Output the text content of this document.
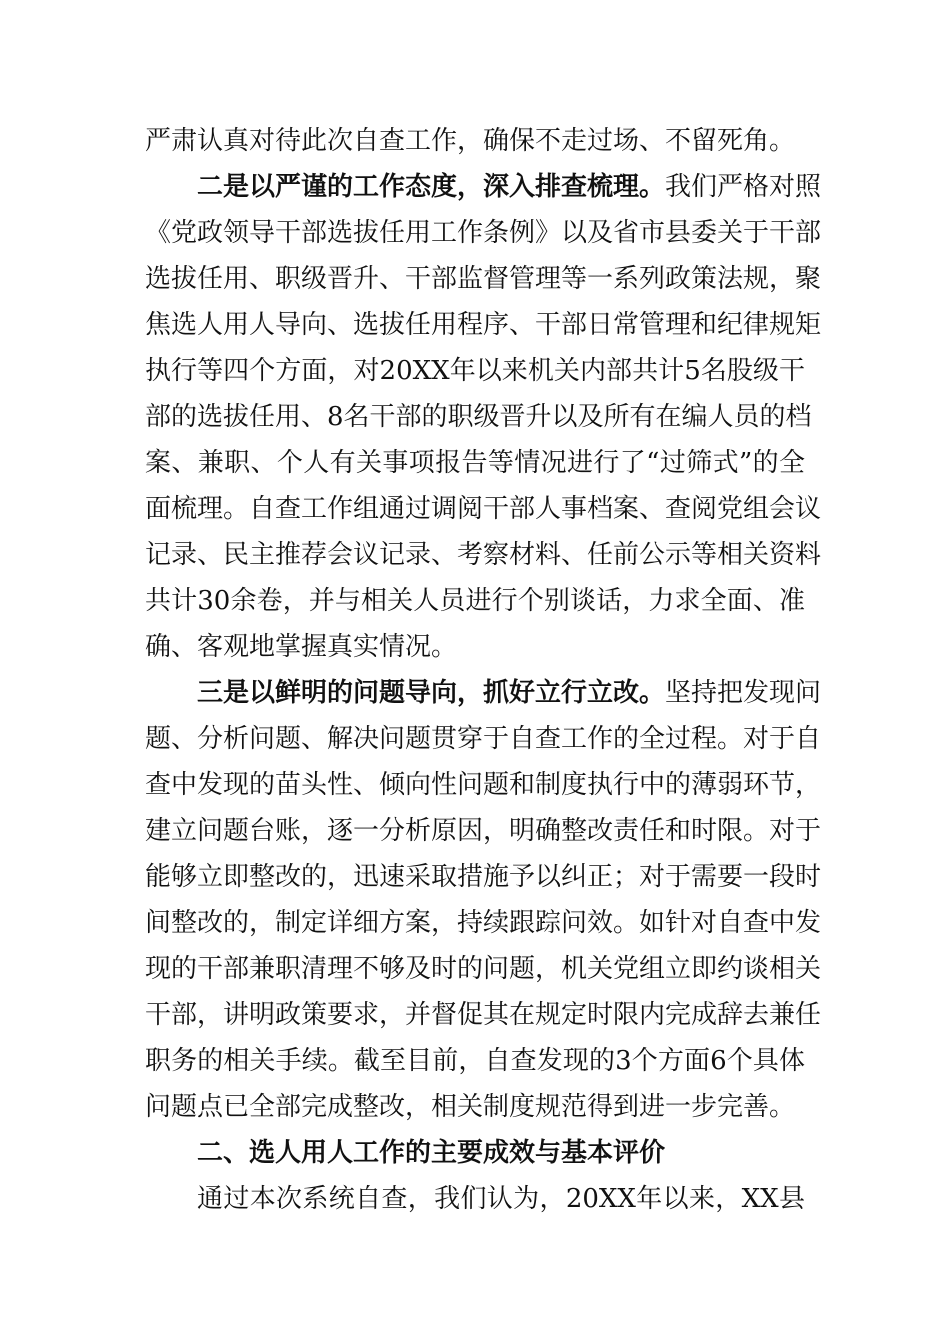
严肃认真对待此次自查工作，确保不走过场、不留死角。
二是以严谨的工作态度，深入排查梳理。我们严格对照
《党政领导干部选拔任用工作条例》以及省市县委关于干部
选拔任用、职级晋升、干部监督管理等一系列政策法规，聚
焦选人用人导向、选拔任用程序、干部日常管理和纪律规矩
执行等四个方面，对20XX年以来机关内部共计5名股级干
部的选拔任用、8名干部的职级晋升以及所有在编人员的档
案、兼职、个人有关事项报告等情况进行了“过筛式”的全
面梳理。自查工作组通过调阅干部人事档案、查阅党组会议
记录、民主推荐会议记录、考察材料、任前公示等相关资料
共计30余卷，并与相关人员进行个别谈话，力求全面、准
确、客观地掌握真实情况。
三是以鲜明的问题导向，抓好立行立改。坚持把发现问
题、分析问题、解决问题贯穿于自查工作的全过程。对于自
查中发现的苗头性、倾向性问题和制度执行中的薄弱环节，
建立问题台账，逐一分析原因，明确整改责任和时限。对于
能够立即整改的，迅速采取措施予以纠正；对于需要一段时
间整改的，制定详细方案，持续跟踪问效。如针对自查中发
现的干部兼职清理不够及时的问题，机关党组立即约谈相关
干部，讲明政策要求，并督促其在规定时限内完成辞去兼任
职务的相关手续。截至目前，自查发现的3个方面6个具体
问题点已全部完成整改，相关制度规范得到进一步完善。
二、选人用人工作的主要成效与基本评价
通过本次系统自查，我们认为，20XX年以来，XX县
